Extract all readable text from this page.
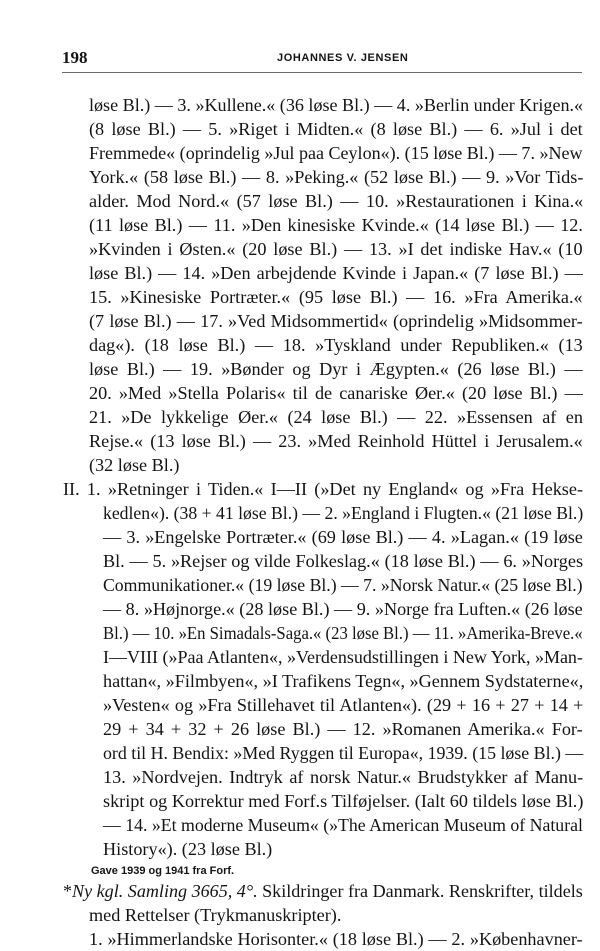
198	JOHANNES V. JENSEN
løse Bl.) — 3. »Kullene.« (36 løse Bl.) — 4. »Berlin under Krigen.«
(8 løse Bl.) — 5. »Riget i Midten.« (8 løse Bl.) — 6. »Jul i det
Fremmede« (oprindelig »Jul paa Ceylon«). (15 løse Bl.) — 7. »New
York.« (58 løse Bl.) — 8. »Peking.« (52 løse Bl.) — 9. »Vor Tids-
alder. Mod Nord.« (57 løse Bl.) — 10. »Restaurationen i Kina.«
(11 løse Bl.) — 11. »Den kinesiske Kvinde.« (14 løse Bl.) — 12.
»Kvinden i Østen.« (20 løse Bl.) — 13. »I det indiske Hav.« (10
løse Bl.) — 14. »Den arbejdende Kvinde i Japan.« (7 løse Bl.) —
15. »Kinesiske Portræter.« (95 løse Bl.) — 16. »Fra Amerika.«
(7 løse Bl.) — 17. »Ved Midsommertid« (oprindelig »Midsommer-
dag«). (18 løse Bl.) — 18. »Tyskland under Republiken.« (13
løse Bl.) — 19. »Bønder og Dyr i Ægypten.« (26 løse Bl.) —
20. »Med »Stella Polaris« til de canariske Øer.« (20 løse Bl.) —
21. »De lykkelige Øer.« (24 løse Bl.) — 22. »Essensen af en
Rejse.« (13 løse Bl.) — 23. »Med Reinhold Hüttel i Jerusalem.«
(32 løse Bl.)
II. 1. »Retninger i Tiden.« I—II (»Det ny England« og »Fra Hekse-
kedlen«). (38 + 41 løse Bl.) — 2. »England i Flugten.« (21 løse Bl.)
— 3. »Engelske Portræter.« (69 løse Bl.) — 4. »Lagan.« (19 løse
Bl. — 5. »Rejser og vilde Folkeslag.« (18 løse Bl.) — 6. »Norges
Communikationer.« (19 løse Bl.) — 7. »Norsk Natur.« (25 løse Bl.)
— 8. »Højnorge.« (28 løse Bl.) — 9. »Norge fra Luften.« (26 løse
Bl.) — 10. »En Simadals-Saga.« (23 løse Bl.) — 11. »Amerika-Breve.«
I—VIII (»Paa Atlanten«, »Verdensudstillingen i New York, »Man-
hattan«, »Filmbyen«, »I Trafikens Tegn«, »Gennem Sydstaterne«,
»Vesten« og »Fra Stillehavet til Atlanten«). (29 + 16 + 27 + 14 +
29 + 34 + 32 + 26 løse Bl.) — 12. »Romanen Amerika.« For-
ord til H. Bendix: »Med Ryggen til Europa«, 1939. (15 løse Bl.) —
13. »Nordvejen. Indtryk af norsk Natur.« Brudstykker af Manu-
skript og Korrektur med Forf.s Tilføjelser. (Ialt 60 tildels løse Bl.)
— 14. »Et moderne Museum« (»The American Museum of Natural
History«). (23 løse Bl.)
Gave 1939 og 1941 fra Forf.
*Ny kgl. Samling 3665, 4°. Skildringer fra Danmark. Renskrifter, tildels
med Rettelser (Trykmanuskripter).
1. »Himmerlandske Horisonter.« (18 løse Bl.) — 2. »Københavner-
